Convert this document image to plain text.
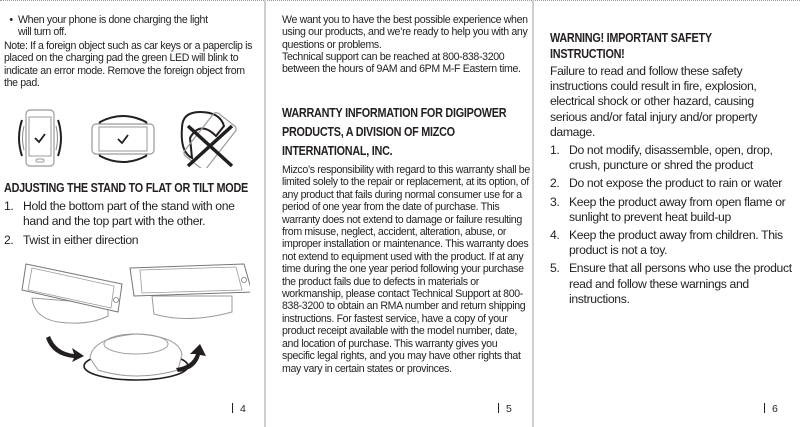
• When your phone is done charging the light will turn off.

Note: If a foreign object such as car keys or a paperclip is placed on the charging pad the green LED will blink to indicate an error mode. Remove the foreign object from the pad.

ADJUSTING THE STAND TO FLAT OR TILT MODE

1. Hold the bottom part of the stand with one hand and the top part with the other.
2. Twist in either direction
4

We want you to have the best possible experience when using our products, and we’re ready to help you with any questions or problems.

Technical support can be reached at 800-838-3200 between the hours of 9AM and 6PM M-F Eastern time.

WARRANTY INFORMATION FOR DIGIPOWER

PRODUCTS, A DIVISION OF MIZCO

INTERNATIONAL, INC.

Mizco’s responsibility with regard to this warranty shall be limited solely to the repair or replacement, at its option, of any product that fails during normal consumer use for a period of one year from the date of purchase. This warranty does not extend to damage or failure resulting from misuse, neglect, accident, alteration, abuse, or improper installation or maintenance. This warranty does not extend to equipment used with the product. If at any time during the one year period following your purchase the product fails due to defects in materials or workmanship, please contact Technical Support at 800-838-3200 to obtain an RMA number and return shipping instructions. For fastest service, have a copy of your product receipt available with the model number, date, and location of purchase. This warranty gives you specific legal rights, and you may have other rights that may vary in certain states or provinces.

5

WARNING! IMPORTANT SAFETY

INSTRUCTION!

Failure to read and follow these safety instructions could result in fire, explosion, electrical shock or other hazard, causing serious and/or fatal injury and/or property damage.

1. Do not modify, disassemble, open, drop, crush, puncture or shred the product
2. Do not expose the product to rain or water
3. Keep the product away from open flame or sunlight to prevent heat build-up
4. Keep the product away from children. This product is not a toy.
5. Ensure that all persons who use the product read and follow these warnings and instructions.
6
